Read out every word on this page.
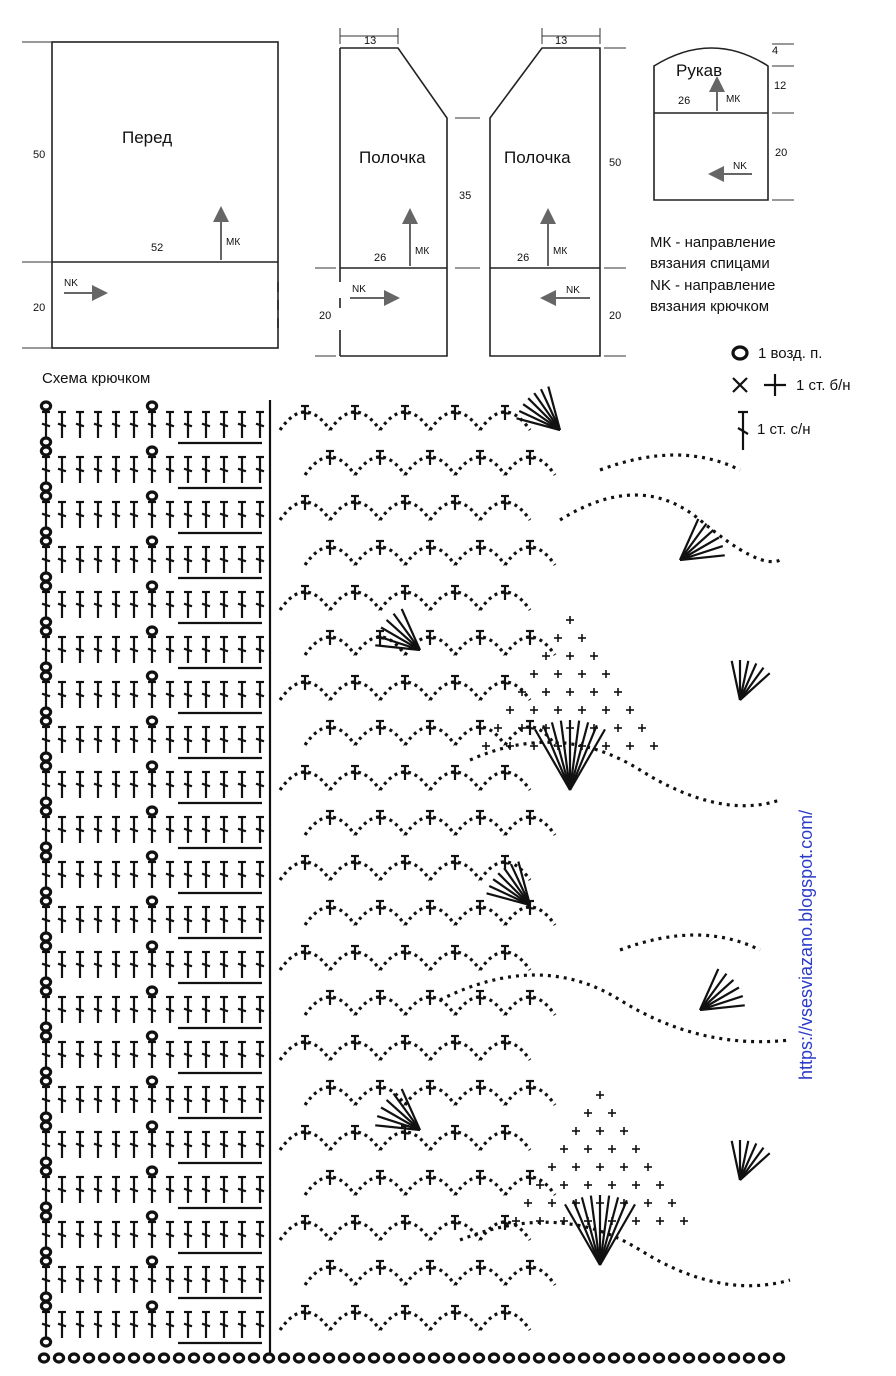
Перед
50
20
52	МК
NK
13
Полочка
35
26
20
МК
NK
13
Полочка	50
26
20
МК
NK
Рукав
4
12
20
26	МК
NK
МК - направление
вязания спицами
NK - направление
вязания крючком
1 возд. п.
1 ст. б/н
1 ст. с/н
Схема крючком
https://vsesviazano.blogspot.com/
